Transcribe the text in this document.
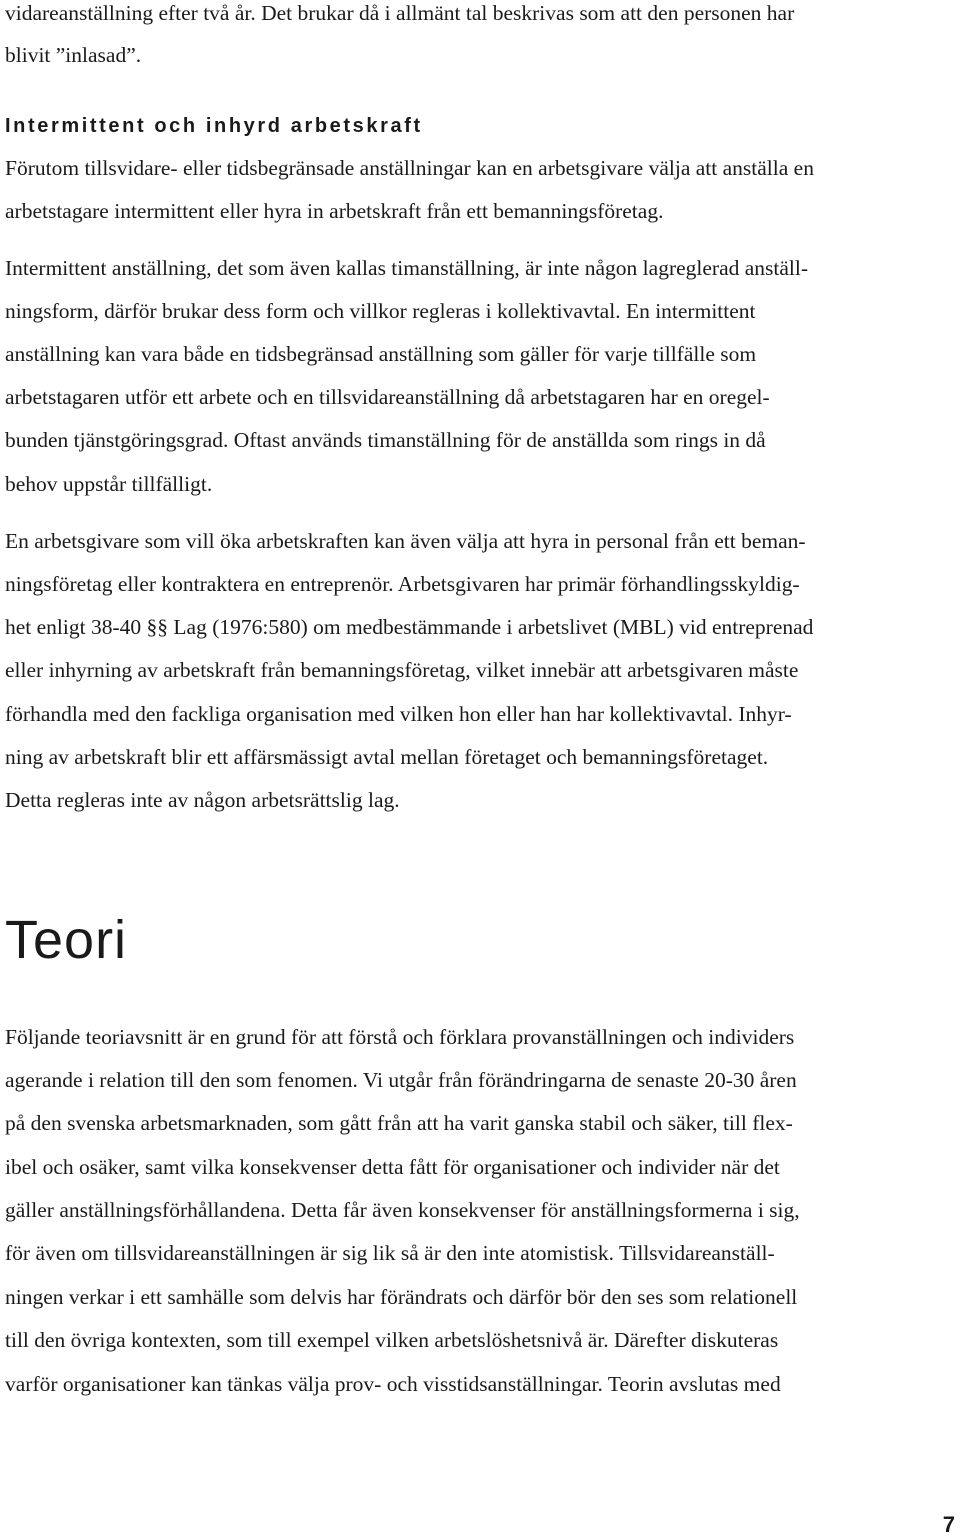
vidareanställning efter två år. Det brukar då i allmänt tal beskrivas som att den personen har
blivit ”inlasad”.
Intermittent och inhyrd arbetskraft
Förutom tillsvidare- eller tidsbegränsade anställningar kan en arbetsgivare välja att anställa en
arbetstagare intermittent eller hyra in arbetskraft från ett bemanningsföretag.
Intermittent anställning, det som även kallas timanställning, är inte någon lagreglerad anställ-
ningsform, därför brukar dess form och villkor regleras i kollektivavtal. En intermittent
anställning kan vara både en tidsbegränsad anställning som gäller för varje tillfälle som
arbetstagaren utför ett arbete och en tillsvidareanställning då arbetstagaren har en oregel-
bunden tjänstgöringsgrad. Oftast används timanställning för de anställda som rings in då
behov uppstår tillfälligt.
En arbetsgivare som vill öka arbetskraften kan även välja att hyra in personal från ett beman-
ningsföretag eller kontraktera en entreprenör. Arbetsgivaren har primär förhandlingsskyldig-
het enligt 38-40 §§ Lag (1976:580) om medbestämmande i arbetslivet (MBL) vid entreprenad
eller inhyrning av arbetskraft från bemanningsföretag, vilket innebär att arbetsgivaren måste
förhandla med den fackliga organisation med vilken hon eller han har kollektivavtal. Inhyr-
ning av arbetskraft blir ett affärsmässigt avtal mellan företaget och bemanningsföretaget.
Detta regleras inte av någon arbetsrättslig lag.
Teori
Följande teoriavsnitt är en grund för att förstå och förklara provanställningen och individers
agerande i relation till den som fenomen. Vi utgår från förändringarna de senaste 20-30 åren
på den svenska arbetsmarknaden, som gått från att ha varit ganska stabil och säker, till flex-
ibel och osäker, samt vilka konsekvenser detta fått för organisationer och individer när det
gäller anställningsförhållandena. Detta får även konsekvenser för anställningsformerna i sig,
för även om tillsvidareanställningen är sig lik så är den inte atomistisk. Tillsvidareanställ-
ningen verkar i ett samhälle som delvis har förändrats och därför bör den ses som relationell
till den övriga kontexten, som till exempel vilken arbetslöshetsnivå är. Därefter diskuteras
varför organisationer kan tänkas välja prov- och visstidsanställningar. Teorin avslutas med
7
